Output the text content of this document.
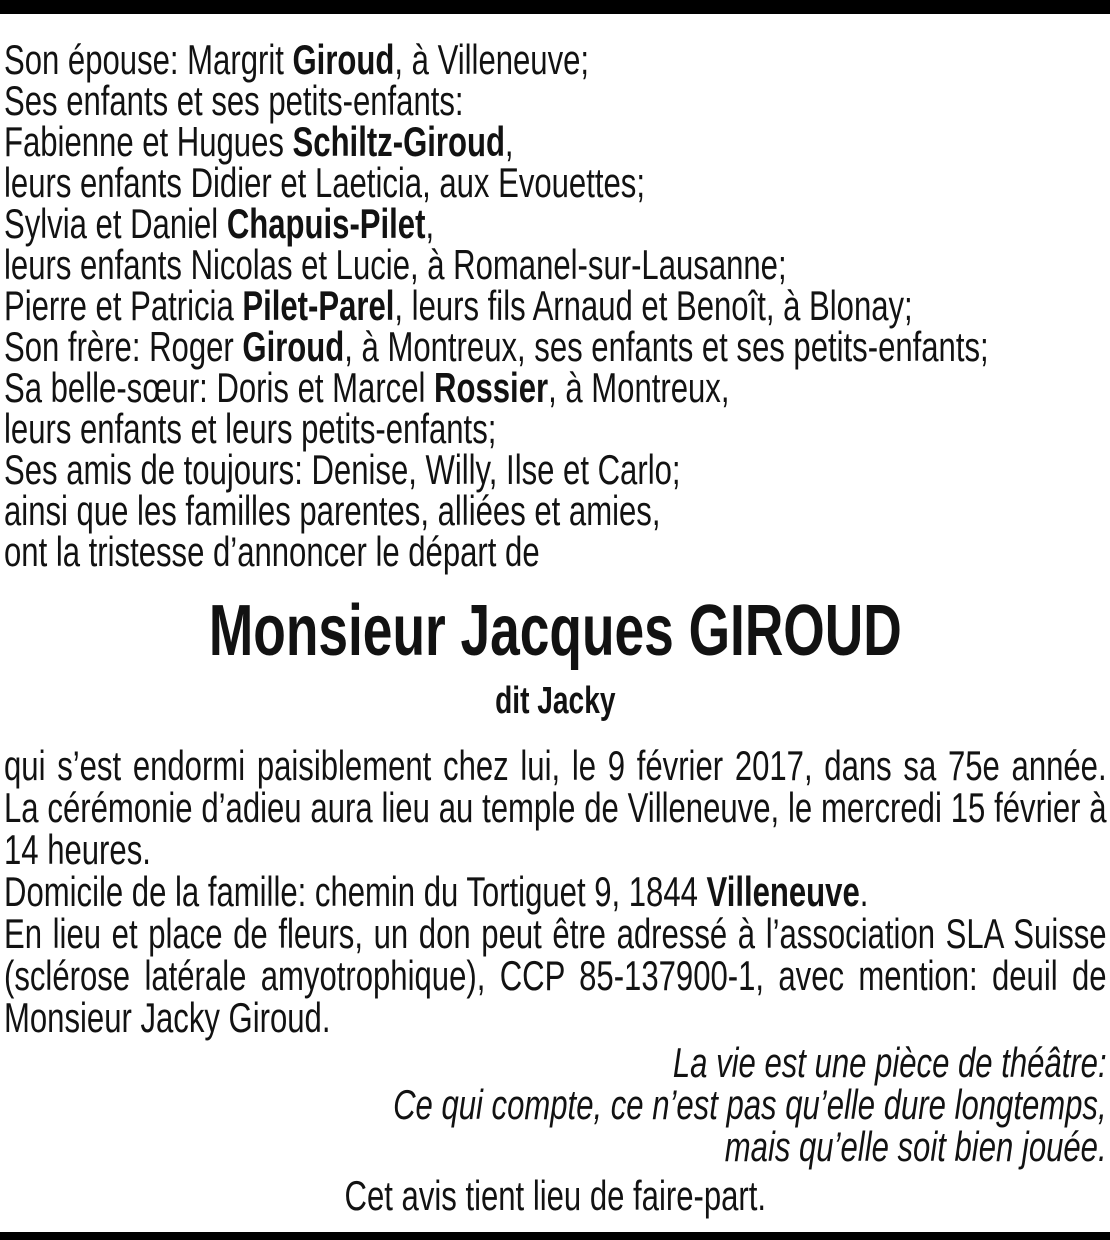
Son épouse: Margrit Giroud, à Villeneuve;
Ses enfants et ses petits-enfants:
Fabienne et Hugues Schiltz-Giroud,
leurs enfants Didier et Laeticia, aux Evouettes;
Sylvia et Daniel Chapuis-Pilet,
leurs enfants Nicolas et Lucie, à Romanel-sur-Lausanne;
Pierre et Patricia Pilet-Parel, leurs fils Arnaud et Benoît, à Blonay;
Son frère: Roger Giroud, à Montreux, ses enfants et ses petits-enfants;
Sa belle-sœur: Doris et Marcel Rossier, à Montreux,
leurs enfants et leurs petits-enfants;
Ses amis de toujours: Denise, Willy, Ilse et Carlo;
ainsi que les familles parentes, alliées et amies,
ont la tristesse d’annoncer le départ de
Monsieur Jacques GIROUD
dit Jacky
qui s’est endormi paisiblement chez lui, le 9 février 2017, dans sa 75e année. La cérémonie d’adieu aura lieu au temple de Villeneuve, le mercredi 15 février à 14 heures.
Domicile de la famille: chemin du Tortiguet 9, 1844 Villeneuve.
En lieu et place de fleurs, un don peut être adressé à l’association SLA Suisse (sclérose latérale amyotrophique), CCP 85-137900-1, avec mention: deuil de Monsieur Jacky Giroud.
La vie est une pièce de théâtre:
Ce qui compte, ce n’est pas qu’elle dure longtemps,
mais qu’elle soit bien jouée.
Cet avis tient lieu de faire-part.
